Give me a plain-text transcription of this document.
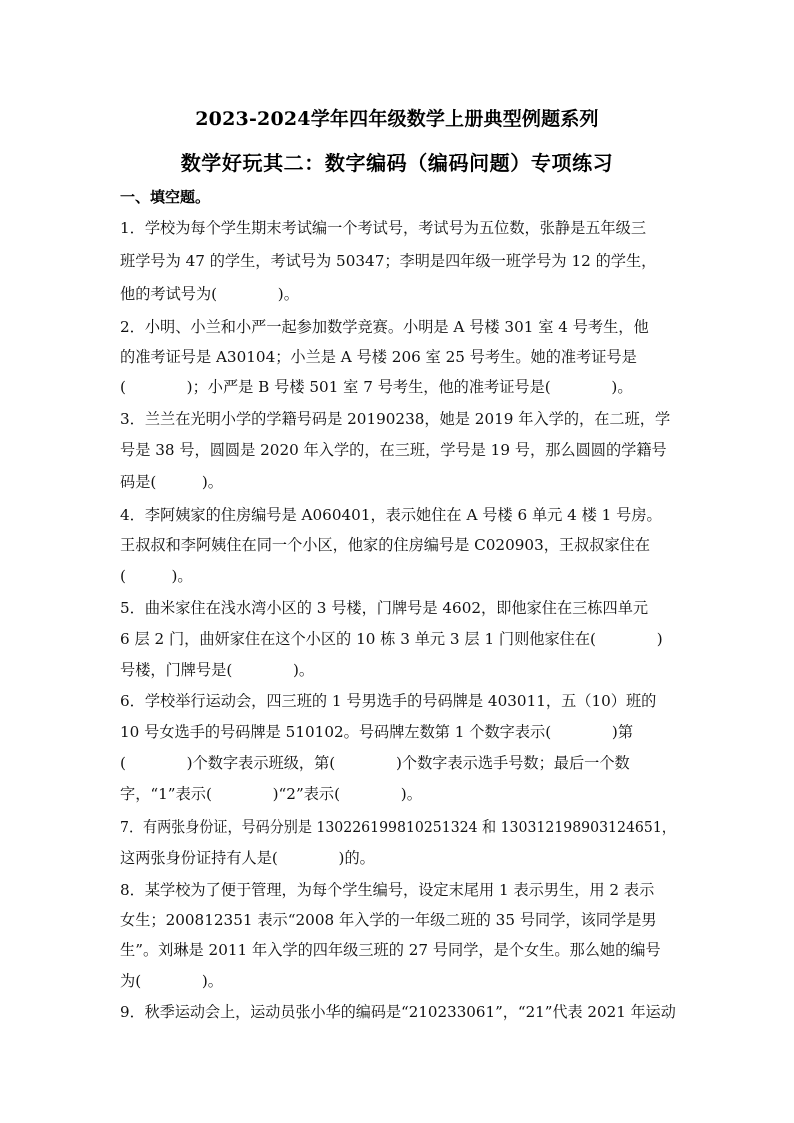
2023-2024学年四年级数学上册典型例题系列
数学好玩其二：数字编码（编码问题）专项练习
一、填空题。
1．学校为每个学生期末考试编一个考试号，考试号为五位数，张静是五年级三
班学号为 47 的学生，考试号为 50347；李明是四年级一班学号为 12 的学生，
他的考试号为(　　　　)。
2．小明、小兰和小严一起参加数学竞赛。小明是 A 号楼 301 室 4 号考生，他
的准考证号是 A30104；小兰是 A 号楼 206 室 25 号考生。她的准考证号是
(　　　　)；小严是 B 号楼 501 室 7 号考生，他的准考证号是(　　　　)。
3．兰兰在光明小学的学籍号码是 20190238，她是 2019 年入学的，在二班，学
号是 38 号，圆圆是 2020 年入学的，在三班，学号是 19 号，那么圆圆的学籍号
码是(　　　)。
4．李阿姨家的住房编号是 A060401，表示她住在 A 号楼 6 单元 4 楼 1 号房。
王叔叔和李阿姨住在同一个小区，他家的住房编号是 C020903，王叔叔家住在
(　　　)。
5．曲米家住在浅水湾小区的 3 号楼，门牌号是 4602，即他家住在三栋四单元
6 层 2 门，曲妍家住在这个小区的 10 栋 3 单元 3 层 1 门则他家住在(　　　　)
号楼，门牌号是(　　　　)。
6．学校举行运动会，四三班的 1 号男选手的号码牌是 403011，五（10）班的
10 号女选手的号码牌是 510102。号码牌左数第 1 个数字表示(　　　　)第
(　　　　)个数字表示班级，第(　　　　)个数字表示选手号数；最后一个数
字，“1”表示(　　　　)“2”表示(　　　　)。
7．有两张身份证，号码分别是 130226199810251324 和 130312198903124651，
这两张身份证持有人是(　　　　)的。
8．某学校为了便于管理，为每个学生编号，设定末尾用 1 表示男生，用 2 表示
女生；200812351 表示“2008 年入学的一年级二班的 35 号同学，该同学是男
生”。刘琳是 2011 年入学的四年级三班的 27 号同学，是个女生。那么她的编号
为(　　　　)。
9．秋季运动会上，运动员张小华的编码是“210233061”，“21”代表 2021 年运动
